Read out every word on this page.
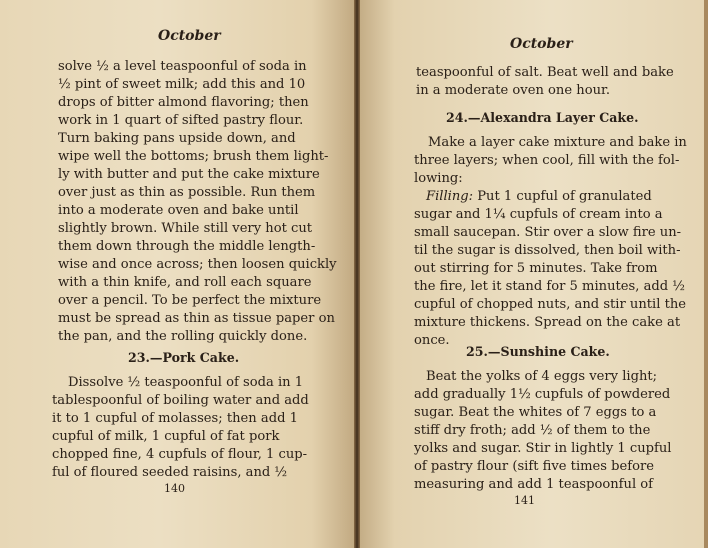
October
solve ½ a level teaspoonful of soda in
½ pint of sweet milk; add this and 10
drops of bitter almond flavoring; then
work in 1 quart of sifted pastry flour.
Turn baking pans upside down, and
wipe well the bottoms; brush them light-
ly with butter and put the cake mixture
over just as thin as possible. Run them
into a moderate oven and bake until
slightly brown. While still very hot cut
them down through the middle length-
wise and once across; then loosen quickly
with a thin knife, and roll each square
over a pencil. To be perfect the mixture
must be spread as thin as tissue paper on
the pan, and the rolling quickly done.
23.—Pork Cake.
Dissolve ½ teaspoonful of soda in 1
tablespoonful of boiling water and add
it to 1 cupful of molasses; then add 1
cupful of milk, 1 cupful of fat pork
chopped fine, 4 cupfuls of flour, 1 cup-
ful of floured seeded raisins, and ½
140
October
teaspoonful of salt. Beat well and bake
in a moderate oven one hour.
24.—Alexandra Layer Cake.
Make a layer cake mixture and bake in
three layers; when cool, fill with the fol-
lowing:
Filling: Put 1 cupful of granulated
sugar and 1¼ cupfuls of cream into a
small saucepan. Stir over a slow fire un-
til the sugar is dissolved, then boil with-
out stirring for 5 minutes. Take from
the fire, let it stand for 5 minutes, add ½
cupful of chopped nuts, and stir until the
mixture thickens. Spread on the cake at
once.
25.—Sunshine Cake.
Beat the yolks of 4 eggs very light;
add gradually 1½ cupfuls of powdered
sugar. Beat the whites of 7 eggs to a
stiff dry froth; add ½ of them to the
yolks and sugar. Stir in lightly 1 cupful
of pastry flour (sift five times before
measuring and add 1 teaspoonful of
141
